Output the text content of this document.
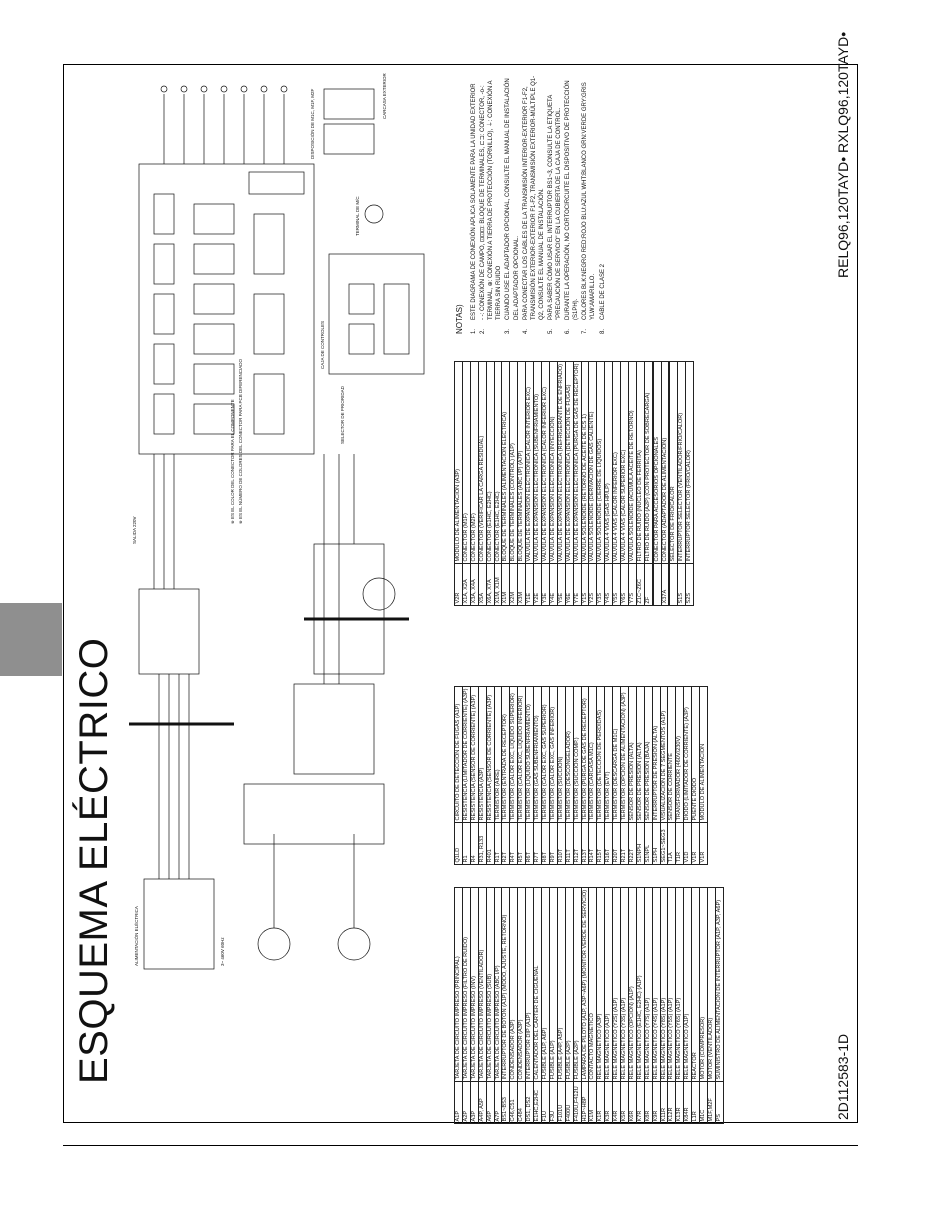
ESQUEMA ELÉCTRICO	2D112583-1D
RELQ96,120TAYD• RXLQ96,120TAYD•
ALIMENTACIÓN ELÉCTRICA	3~ 460V 60Hz
※ ES EL COLOR DEL CONECTOR PARA EL COMPONENTE ※ ES EL NÚMERO DE COLORES DEL CONECTOR PARA PCB DIFERENCIADO
CAJA DE CONTROLES
SELECTOR DE PRIORIDAD
TERMINAL DE M/C
DISPOSICIÓN DE M1C, M1F, M2F	CARCASA EXTERIOR
SALIDA 220V
A1P	TARJETA DE CIRCUITO IMPRESO (PRINCIPAL)
A2P	TARJETA DE CIRCUITO IMPRESO (FILTRO DE RUIDO)
A3P	TARJETA DE CIRCUITO IMPRESO (INV)
A4P, A5P	TARJETA DE CIRCUITO IMPRESO (VENTILADOR)
A6P	TARJETA DE CIRCUITO IMPRESO (SUB)
A7P	TARJETA DE CIRCUITO IMPRESO (ABC I/P)
BS1~BS3	INTERRUPTOR DE BOTÓN (A1P) (MODO, AJUSTE, RETORNO)
C46,C51	CONDENSADOR (A3P)
C484	CONDENSADOR (A3P)
DS1, DS2	INTERRUPTOR DIP (A1P)
E1HC,E2HC	CALENTADOR DEL CÁRTER DE CIGÜEÑAL
F1U	FUSIBLE (A1P, A6P)
F3U	FUSIBLE (A1P)
F101U	FUSIBLE (A4P, A5P)
F400U	FUSIBLE (A2P)
F410U,F412U	FUSIBLE (A2P)
H1P~H8P	LÁMPARA DE PILOTO (A1P, A3P~A6P) (MONITOR VERDE DE SERVICIO)
K1M	CONTACTO MAGNÉTICO
K1R	RELÉ MAGNÉTICO (A3P)
K3R	RELÉ MAGNÉTICO (A1P)
K4R	RELÉ MAGNÉTICO (Y2S) (A1P)
K5R	RELÉ MAGNÉTICO (Y3S) (A1P)
K6R	RELÉ MAGNÉTICO (OPCIÓN) (A1P)
K7R	RELÉ MAGNÉTICO (E1HC, E2HC) (A1P)
K8R	RELÉ MAGNÉTICO (Y7S) (A1P)
K9R	RELÉ MAGNÉTICO (Y4S) (A1P)
K11R	RELÉ MAGNÉTICO (Y8S) (A1P)
K12R	RELÉ MAGNÉTICO (Y5S) (A1P)
K13R	RELÉ MAGNÉTICO (Y6S) (A1P)
K84R	RELÉ MAGNÉTICO (A1P)
L1R	REACTOR
M1C	MOTOR (COMPRESOR)
M1F,M2F	MOTOR (VENTILADOR)
PS	SUMINISTRO DE ALIMENTACIÓN DE INTERRUPTOR (A1P, A3P, A6P)
Q1LD	CIRCUITO DE DETECCIÓN DE FUGAS (A1P)
R1	RESISTENCIA (LIMITADOR DE CORRIENTE) (A3P)
R4	RESISTENCIA (SENSOR DE CORRIENTE) (A3P)
R31, R133	RESISTENCIA (A3P)
R401	RESISTENCIA (SENSOR DE CORRIENTE) (A3P)
R1T	TERMISTOR (AIRE)
R2T	TERMISTOR (ENTRADA DE RECEPTOR)
R4T	TERMISTOR (CALOR EXC, LÍQUIDO SUPERIOR)
R5T	TERMISTOR (CALOR EXC, LÍQUIDO INFERIOR)
R6T	TERMISTOR (LÍQUIDO SUBENFRIAMIENTO)
R7T	TERMISTOR (GAS SUBENFRIAMIENTO)
R8T	TERMISTOR (CALOR EXC, GAS SUPERIOR)
R9T	TERMISTOR (CALOR EXC, GAS INFERIOR)
R10T	TERMISTOR (SUCCIÓN)
R11T	TERMISTOR (DESCONGELADOR)
R12T	TERMISTOR (SUCCIÓN COMP.)
R13T	TERMISTOR (PURGA DE GAS DE RECEPTOR)
R14T	TERMISTOR (CARCASA M1C)
R15T	TERMISTOR (DETECCIÓN DE PÉRDIDAS)
R16T	TERMISTOR (EVT)
R20T	TERMISTOR (DESCARGA DE M1C)
R21T	TERMISTOR (OPCIÓN DE ALIMENTACIÓN) (A3P)
R22T	SENSOR DE PRESIÓN (ALTA)
S1NPH	SENSOR DE PRESIÓN (ALTA)
S1NPL	SENSOR DE PRESIÓN (BAJA)
S1PH	INTERRUPTOR DE PRESIÓN (ALTA)
SEG1~SEG3	VISUALIZACIÓN DE 7 SEGMENTOS (A1P)
T1A	SENSOR DE CORRIENTE
T1R	TRANSFORMADOR (460V/230V)
V1D	DIODO (LIMITADOR DE CORRIENTE) (A3P)
V1R	PUENTE DIODO
V1R	MÓDULO DE ALIMENTACIÓN
V2R	MÓDULO DE ALIMENTACIÓN (A3P)
X1A, X2A	CONECTOR (M1F)
X3A, X4A	CONECTOR (M2F)
X5A	CONECTOR (VERIFICAR LA CARGA RESIDUAL)
X6A, X7A	CONECTOR (E1HC, E2HC)
X1M, X1M	CONECTOR (E1HC, E2HC)
X1M	BLOQUE DE TERMINALES (ALIMENTACIÓN ELÉCTRICA)
X2M	BLOQUE DE TERMINALES (CONTROL) (A1P)
X3M	BLOQUE DE TERMINALES (ABC I/P) (A7P)
Y1E	VÁLVULA DE EXPANSIÓN ELECTRÓNICA (CALOR INTERIOR EXC)
Y2E	VÁLVULA DE EXPANSIÓN ELECTRÓNICA (SUBENFRIAMIENTO)
Y3E	VÁLVULA DE EXPANSIÓN ELECTRÓNICA (CALOR INFERIOR EXC)
Y4E	VÁLVULA DE EXPANSIÓN ELECTRÓNICA (INYECCIÓN)
Y5E	VÁLVULA DE EXPANSIÓN ELECTRÓNICA (REFRIGERANTE DE ENFRIADO)
Y6E	VÁLVULA DE EXPANSIÓN ELECTRÓNICA (DETECCIÓN DE FUGAS)
Y7E	VÁLVULA DE EXPANSIÓN ELECTRÓNICA (PURGA DE GAS DE RECEPTOR)
Y1S	VÁLVULA SOLENOIDE (RETORNO DE ACEITE DE ICS 1)
Y2S	VÁLVULA SOLENOIDE (DERIVACIÓN DE GAS CALIENTE)
Y3S	VÁLVULA SOLENOIDE (CIERRE DE LÍQUIDOS)
Y4S	VÁLVULA 4 VÍAS (GAS HP/LP)
Y5S	VÁLVULA 4 VÍAS (CALOR INFERIOR EXC)
Y6S	VÁLVULA 4 VÍAS (CALOR SUPERIOR EXC)
Y7S	VÁLVULA SOLENOIDE (ACUMULA ACEITE DE RETORNO)
Z1C~Z6C	FILTRO DE RUIDO (NÚCLEO DE FERRITA)
ZF	FILTRO DE RUIDO (A2P) (CON PROTECTOR DE SOBRECARGA)

	CONECTOR PARA ACCESORIOS OPCIONALES
X37A	CONECTOR (ADAPTADOR DE ALIMENTACIÓN)

	SELECTOR DE FRÍO/CALOR
S1S	INTERRUPTOR SELECTOR (VENTILADOR/FRÍO/CALOR)
S2S	INTERRUPTOR SELECTOR (FRÍO/CALOR)
NOTAS) 1.
ESTE DIAGRAMA DE CONEXIÓN APLICA SOLAMENTE PARA LA UNIDAD EXTERIOR
2.
- -: CONEXIÓN DE CAMPO, ⊡⊡⊡: BLOQUE DE TERMINALES, ⊏⊐: CONECTOR, -o-: TERMINAL, ⊕: CONEXIÓN A TIERRA DE PROTECCIÓN (TORNILLO), ⏚: CONEXIÓN A TIERRA SIN RUIDO
3.
CUANDO USE EL ADAPTADOR OPCIONAL, CONSULTE EL MANUAL DE INSTALACIÓN DEL ADAPTADOR OPCIONAL.
4.
PARA CONECTAR LOS CABLES DE LA TRANSMISIÓN INTERIOR-EXTERIOR F1-F2, TRANSMISIÓN EXTERIOR-EXTERIOR F1-F2, TRANSMISIÓN EXTERIOR-MÚLTIPLE Q1-Q2, CONSULTE EL MANUAL DE INSTALACIÓN.
5.
PARA SABER CÓMO USAR EL INTERRUPTOR BS1~3, CONSULTE LA ETIQUETA "PRECAUCIÓN DE SERVICIO" EN LA CUBIERTA DE LA CAJA DE CONTROL.
6.
DURANTE LA OPERACIÓN, NO CORTOCIRCUITE EL DISPOSITIVO DE PROTECCIÓN (S1PH).
7.
COLORES BLK:NEGRO RED:ROJO BLU:AZUL WHT:BLANCO GRN:VERDE GRY:GRIS YLW:AMARILLO.
8.
CABLE DE CLASE 2
